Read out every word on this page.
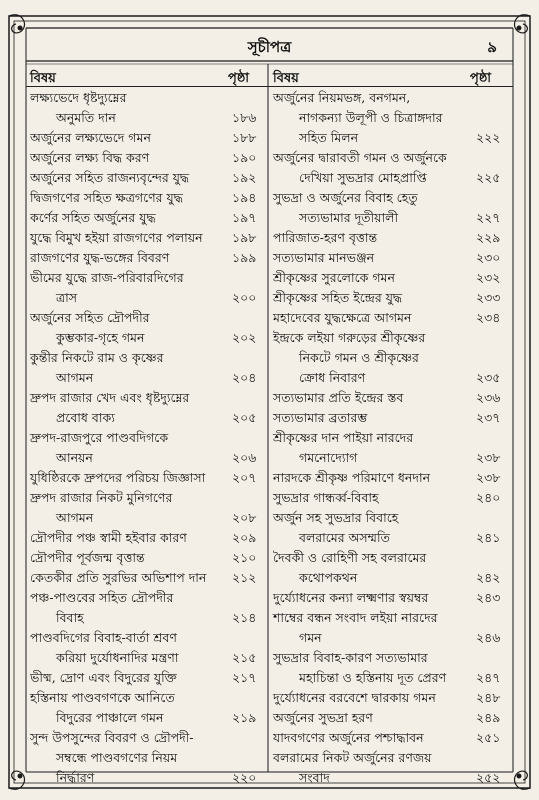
সূচীপত্র	৯
বিষয়	পৃষ্ঠা বিষয়	পৃষ্ঠা
লক্ষ্যভেদে ধৃষ্টদ্যুম্নের
অনুমতি দান	১৮৬
অর্জুনের লক্ষ্যভেদে গমন	১৮৮
অর্জুনের লক্ষ্য বিদ্ধ করণ	১৯০
অর্জুনের সহিত রাজন্যবৃন্দের যুদ্ধ	১৯২
দ্বিজগণের সহিত ক্ষত্রগণের যুদ্ধ	১৯৪
কর্ণের সহিত অর্জুনের যুদ্ধ	১৯৭
যুদ্ধে বিমুখ হইয়া রাজগণের পলায়ন	১৯৮
রাজগণের যুদ্ধ-ভঙ্গের বিবরণ	১৯৯
ভীমের যুদ্ধে রাজ-পরিবারদিগের
ত্রাস	২০০
অর্জুনের সহিত দ্রৌপদীর
কুম্ভকার-গৃহে গমন	২০২
কুন্তীর নিকটে রাম ও কৃষ্ণের
আগমন	২০৪
দ্রুপদ রাজার খেদ এবং ধৃষ্টদ্যুম্নের
প্রবোধ বাক্য	২০৫
দ্রুপদ-রাজপুরে পাণ্ডবদিগকে
আনয়ন	২০৬
যুধিষ্ঠিরকে দ্রুপদের পরিচয় জিজ্ঞাসা	২০৭
দ্রুপদ রাজার নিকট মুনিগণের
আগমন	২০৮
দ্রৌপদীর পঞ্চ স্বামী হইবার কারণ	২০৯
দ্রৌপদীর পূর্বজন্ম বৃত্তান্ত	২১০
কেতকীর প্রতি সুরভির অভিশাপ দান	২১২
পঞ্চ-পাণ্ডবের সহিত দ্রৌপদীর
বিবাহ	২১৪
পাণ্ডবদিগের বিবাহ-বার্তা শ্রবণ
করিয়া দুর্যোধনাদির মন্ত্রণা	২১৫
ভীষ্ম, দ্রোণ এবং বিদুরের যুক্তি	২১৭
হস্তিনায় পাণ্ডবগণকে আনিতে
বিদুরের পাঞ্চালে গমন	২১৯
সুন্দ উপসুন্দের বিবরণ ও দ্রৌপদী-
সম্বন্ধে পাণ্ডবগণের নিয়ম
নির্দ্ধারণ	২২০
অর্জুনের নিয়মভঙ্গ, বনগমন,
নাগকন্যা উলূপী ও চিত্রাঙ্গদার
সহিত মিলন	২২২
অর্জুনের দ্বারাবতী গমন ও অর্জুনকে
দেখিয়া সুভদ্রার মোহপ্রাপ্তি	২২৫
সুভদ্রা ও অর্জুনের বিবাহ হেতু
সত্যভামার দূতীয়ালী	২২৭
পারিজাত-হরণ বৃত্তান্ত	২২৯
সত্যভামার মানভঞ্জন	২৩০
শ্রীকৃষ্ণের সুরলোকে গমন	২৩২
শ্রীকৃষ্ণের সহিত ইন্দ্রের যুদ্ধ	২৩৩
মহাদেবের যুদ্ধক্ষেত্রে আগমন	২৩৪
ইন্দ্রকে লইয়া গরুড়ের শ্রীকৃষ্ণের
নিকটে গমন ও শ্রীকৃষ্ণের
ক্রোধ নিবারণ	২৩৫
সত্যভামার প্রতি ইন্দ্রের স্তব	২৩৬
সত্যভামার ব্রতারম্ভ	২৩৭
শ্রীকৃষ্ণের দান পাইয়া নারদের
গমনোদ্যোগ	২৩৮
নারদকে শ্রীকৃষ্ণ পরিমাণে ধনদান	২৩৮
সুভদ্রার গান্ধর্ব্ব-বিবাহ	২৪০
অর্জুন সহ সুভদ্রার বিবাহে
বলরামের অসম্মতি	২৪১
দৈবকী ও রোহিণী সহ বলরামের
কথোপকথন	২৪২
দুর্য্যোধনের কন্যা লক্ষ্মণার স্বয়ম্বর	২৪৩
শাম্বের বন্ধন সংবাদ লইয়া নারদের
গমন	২৪৬
সুভদ্রার বিবাহ-কারণ সত্যভামার
মহাচিন্তা ও হস্তিনায় দূত প্রেরণ	২৪৭
দুর্য্যোধনের বরবেশে দ্বারকায় গমন	২৪৮
অর্জুনের সুভদ্রা হরণ	২৪৯
যাদবগণের অর্জুনের পশ্চাদ্ধাবন	২৫১
বলরামের নিকট অর্জুনের রণজয়
সংবাদ	২৫২
